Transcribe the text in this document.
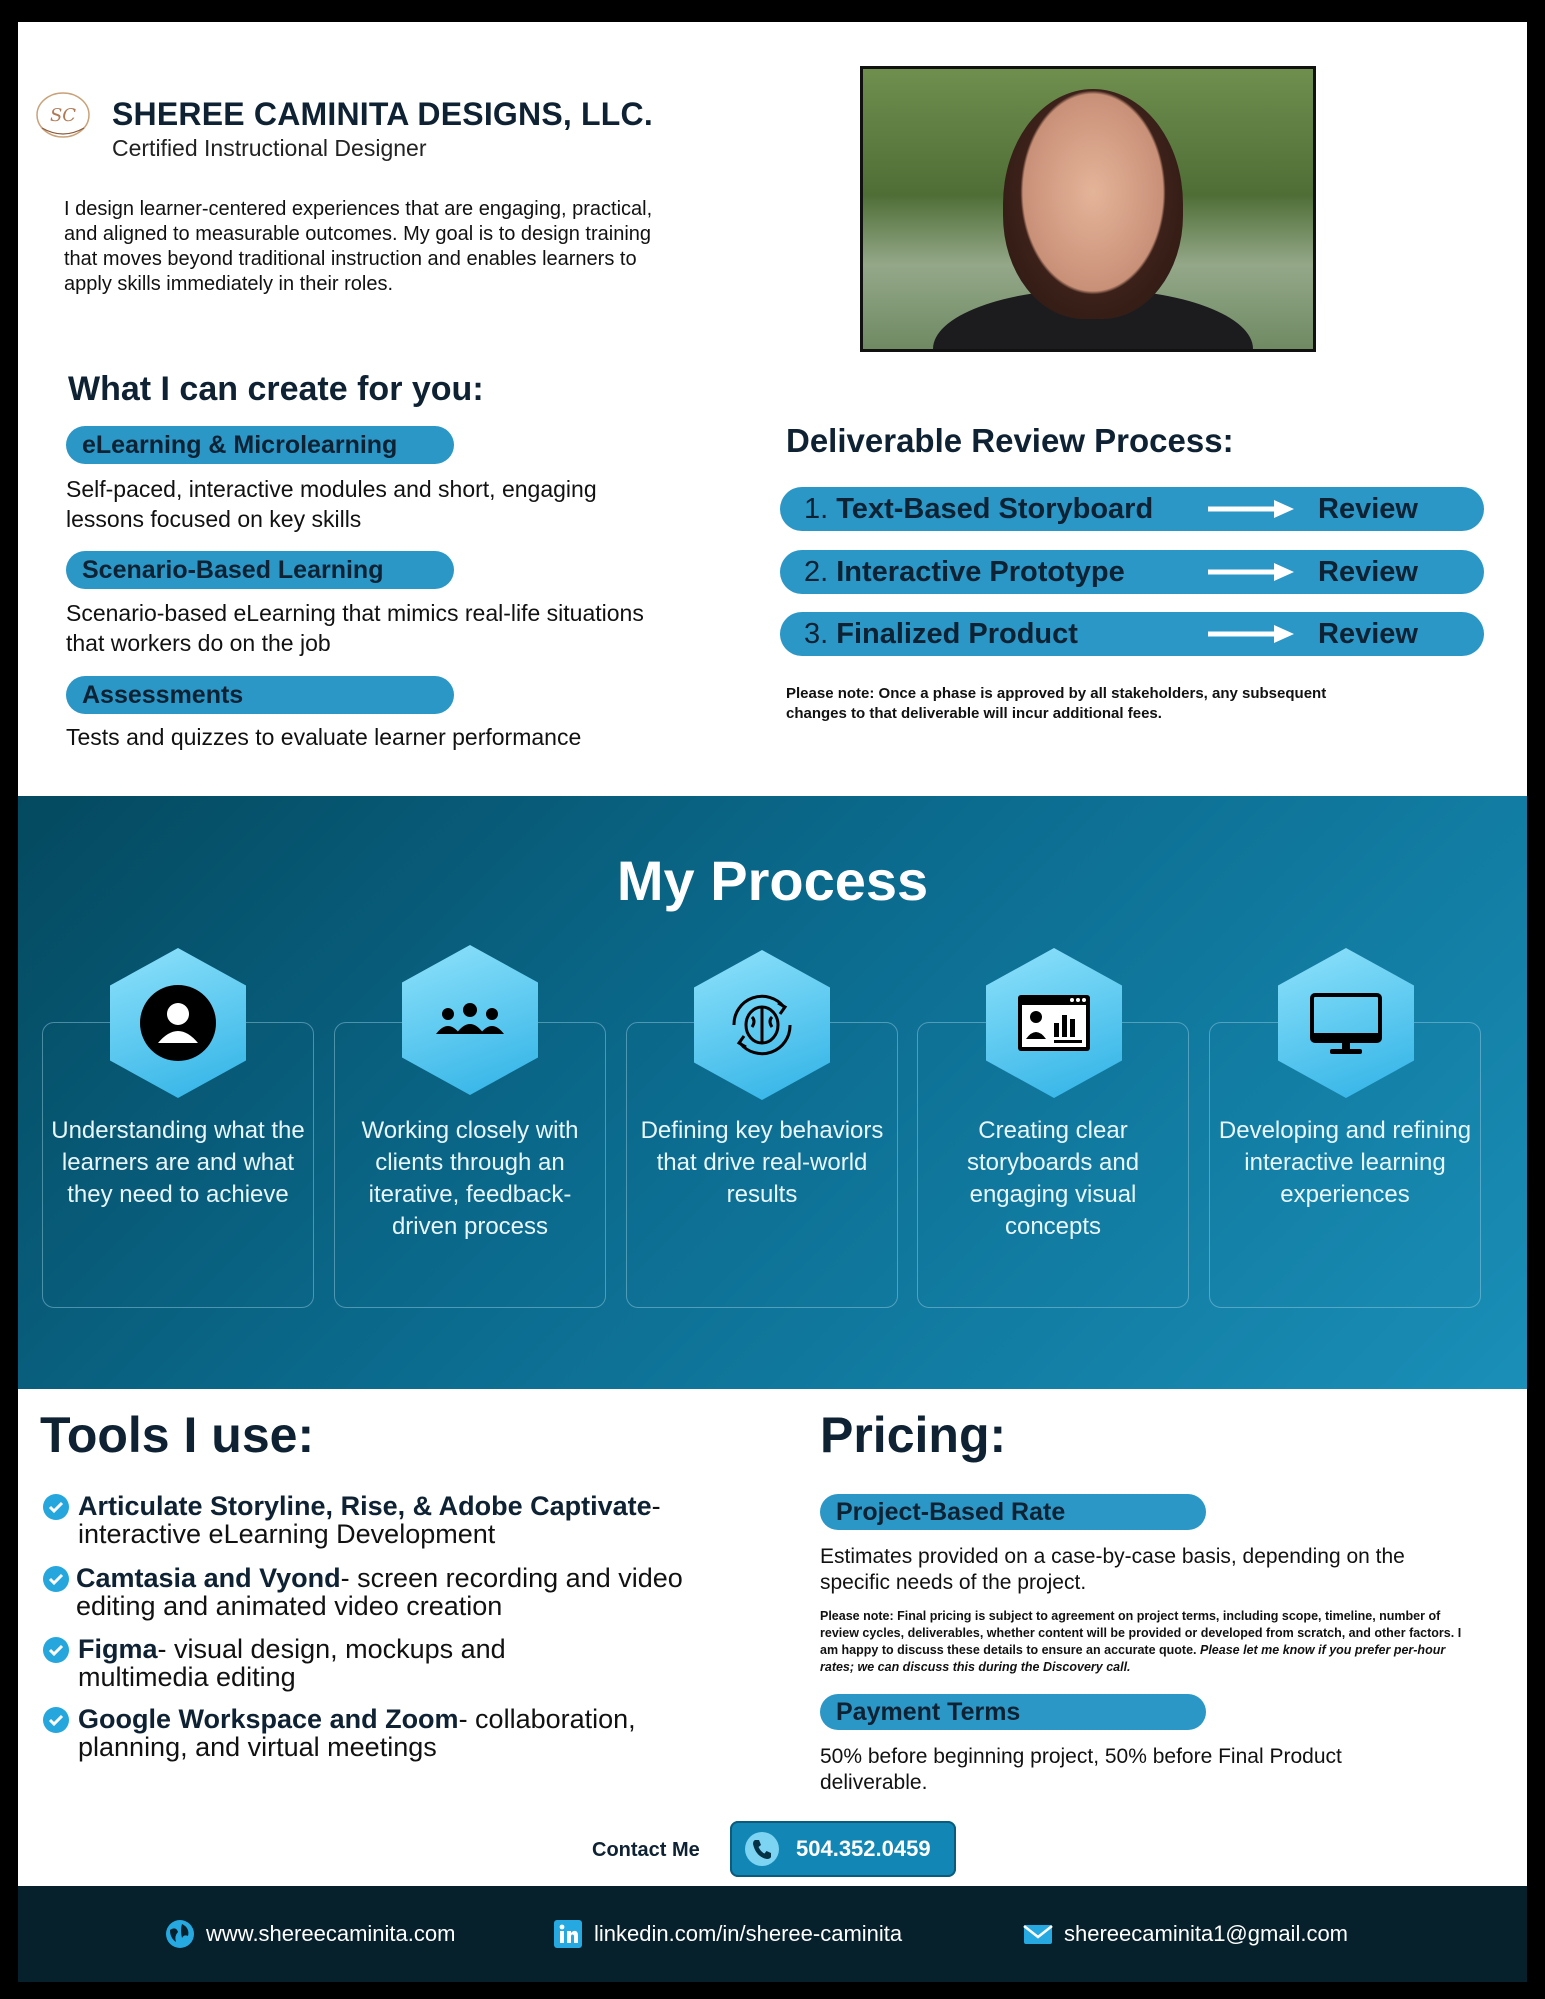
SC SHEREE CAMINITA DESIGNS, LLC.
Certified Instructional Designer
I design learner-centered experiences that are engaging, practical, and aligned to measurable outcomes. My goal is to design training that moves beyond traditional instruction and enables learners to apply skills immediately in their roles.
What I can create for you:
eLearning & Microlearning
Self-paced, interactive modules and short, engaging lessons focused on key skills
Scenario-Based Learning
Scenario-based eLearning that mimics real-life situations that workers do on the job
Assessments
Tests and quizzes to evaluate learner performance
Deliverable Review Process:
1. Text-Based Storyboard	Review
2. Interactive Prototype	Review
3. Finalized Product	Review
Please note: Once a phase is approved by all stakeholders, any subsequent changes to that deliverable will incur additional fees.
My Process
Understanding what the learners are and what they need to achieve
Working closely with clients through an iterative, feedback-driven process
Defining key behaviors that drive real-world results
Creating clear storyboards and engaging visual concepts
Developing and refining interactive learning experiences
Tools I use:
Articulate Storyline, Rise, & Adobe Captivate- interactive eLearning Development
Camtasia and Vyond- screen recording and video editing and animated video creation
Figma- visual design, mockups and multimedia editing
Google Workspace and Zoom- collaboration, planning, and virtual meetings
Pricing:
Project-Based Rate
Estimates provided on a case-by-case basis, depending on the specific needs of the project.
Please note: Final pricing is subject to agreement on project terms, including scope, timeline, number of review cycles, deliverables, whether content will be provided or developed from scratch, and other factors. I am happy to discuss these details to ensure an accurate quote. Please let me know if you prefer per-hour rates; we can discuss this during the Discovery call.
Payment Terms
50% before beginning project, 50% before Final Product deliverable.
Contact Me	504.352.0459
www.shereecaminita.com	linkedin.com/in/sheree-caminita	shereecaminita1@gmail.com
